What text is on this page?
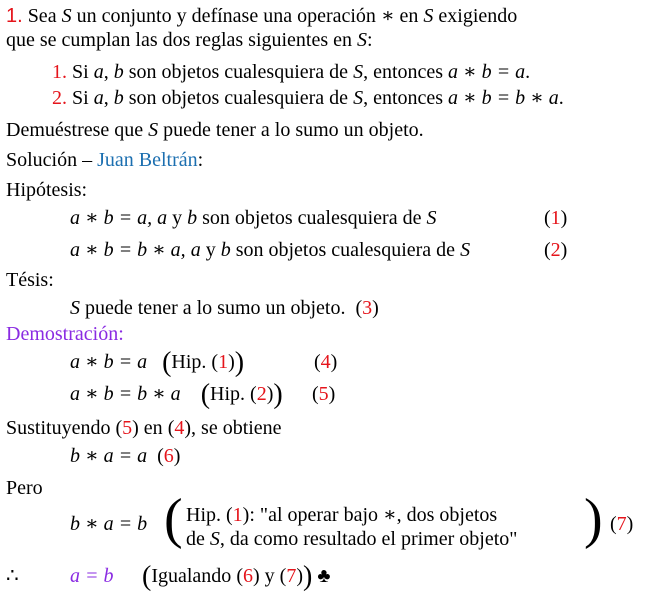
1. Sea S un conjunto y defínase una operación ∗ en S exigiendo
que se cumplan las dos reglas siguientes en S:
1. Si a, b son objetos cualesquiera de S, entonces a ∗ b = a.
2. Si a, b son objetos cualesquiera de S, entonces a ∗ b = b ∗ a.
Demuéstrese que S puede tener a lo sumo un objeto.
Solución – Juan Beltrán:
Hipótesis:
a ∗ b = a, a y b son objetos cualesquiera de S	(1)
a ∗ b = b ∗ a, a y b son objetos cualesquiera de S	(2)
Tésis:
S puede tener a lo sumo un objeto.  (3)
Demostración:
a ∗ b = a (Hip. (1))	(4)
a ∗ b = b ∗ a (Hip. (2)) (5)
Sustituyendo (5) en (4), se obtiene
b ∗ a = a  (6)
Pero
b ∗ a = b ( Hip. (1): "al operar bajo ∗, dos objetos
de S, da como resultado el primer objeto" ) (7)
∴	a = b (Igualando (6) y (7)) ♣
